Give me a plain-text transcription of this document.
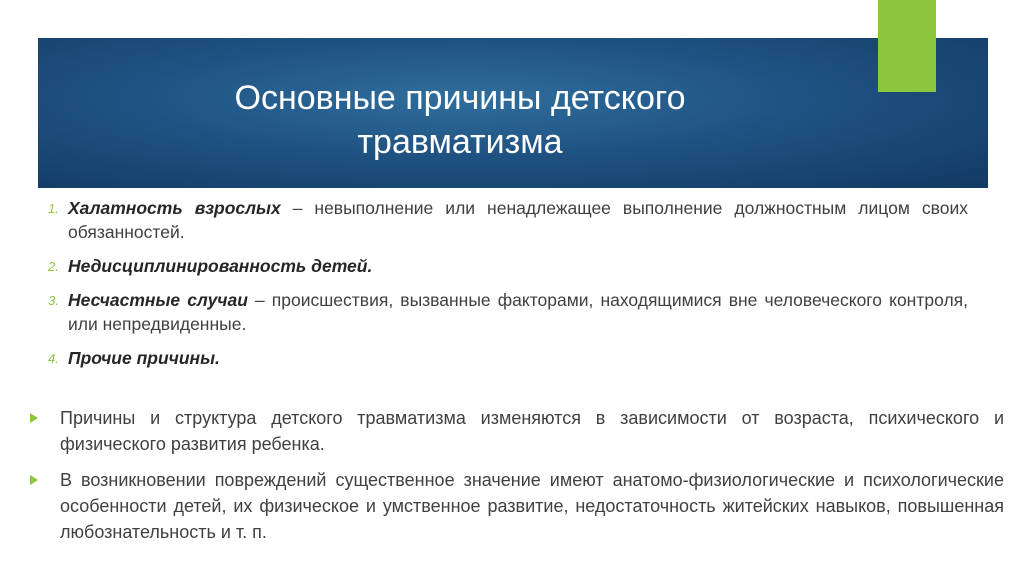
Основные причины детского
травматизма
1. Халатность взрослых – невыполнение или ненадлежащее выполнение должностным лицом своих обязанностей.
2. Недисциплинированность детей.
3. Несчастные случаи – происшествия, вызванные факторами, находящимися вне человеческого контроля, или непредвиденные.
4. Прочие причины.
Причины и структура детского травматизма изменяются в зависимости от возраста, психического и физического развития ребенка.
В возникновении повреждений существенное значение имеют анатомо-физиологические и психологические особенности детей, их физическое и умственное развитие, недостаточность житейских навыков, повышенная любознательность и т. п.
